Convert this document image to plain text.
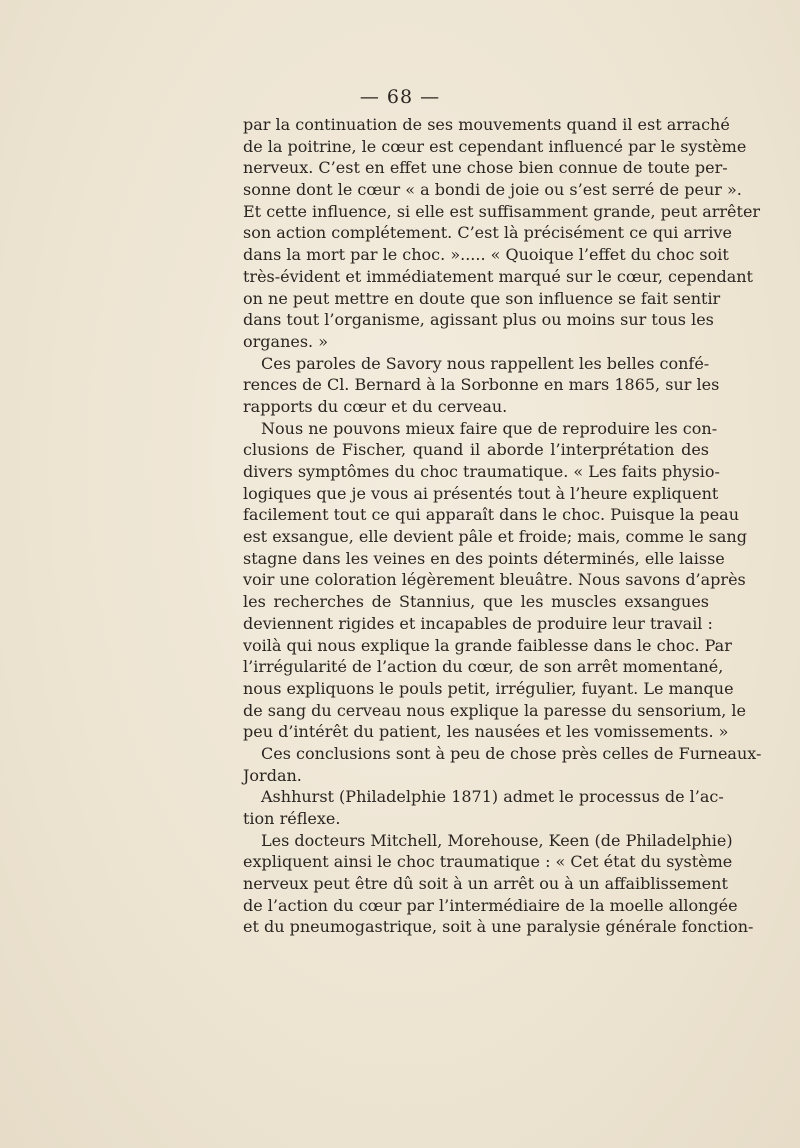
— 68 —
par la continuation de ses mouvements quand il est arraché
de la poitrine, le cœur est cependant influencé par le système
nerveux. C’est en effet une chose bien connue de toute per-
sonne dont le cœur « a bondi de joie ou s’est serré de peur ».
Et cette influence, si elle est suffisamment grande, peut arrêter
son action complétement. C’est là précisément ce qui arrive
dans la mort par le choc. »..... « Quoique l’effet du choc soit
très-évident et immédiatement marqué sur le cœur, cependant
on ne peut mettre en doute que son influence se fait sentir
dans tout l’organisme, agissant plus ou moins sur tous les
organes. »
Ces paroles de Savory nous rappellent les belles confé-
rences de Cl. Bernard à la Sorbonne en mars 1865, sur les
rapports du cœur et du cerveau.
Nous ne pouvons mieux faire que de reproduire les con-
clusions de Fischer, quand il aborde l’interprétation des
divers symptômes du choc traumatique. « Les faits physio-
logiques que je vous ai présentés tout à l’heure expliquent
facilement tout ce qui apparaît dans le choc. Puisque la peau
est exsangue, elle devient pâle et froide; mais, comme le sang
stagne dans les veines en des points déterminés, elle laisse
voir une coloration légèrement bleuâtre. Nous savons d’après
les recherches de Stannius, que les muscles exsangues
deviennent rigides et incapables de produire leur travail :
voilà qui nous explique la grande faiblesse dans le choc. Par
l’irrégularité de l’action du cœur, de son arrêt momentané,
nous expliquons le pouls petit, irrégulier, fuyant. Le manque
de sang du cerveau nous explique la paresse du sensorium, le
peu d’intérêt du patient, les nausées et les vomissements. »
Ces conclusions sont à peu de chose près celles de Furneaux-
Jordan.
Ashhurst (Philadelphie 1871) admet le processus de l’ac-
tion réflexe.
Les docteurs Mitchell, Morehouse, Keen (de Philadelphie)
expliquent ainsi le choc traumatique : « Cet état du système
nerveux peut être dû soit à un arrêt ou à un affaiblissement
de l’action du cœur par l’intermédiaire de la moelle allongée
et du pneumogastrique, soit à une paralysie générale fonction-
